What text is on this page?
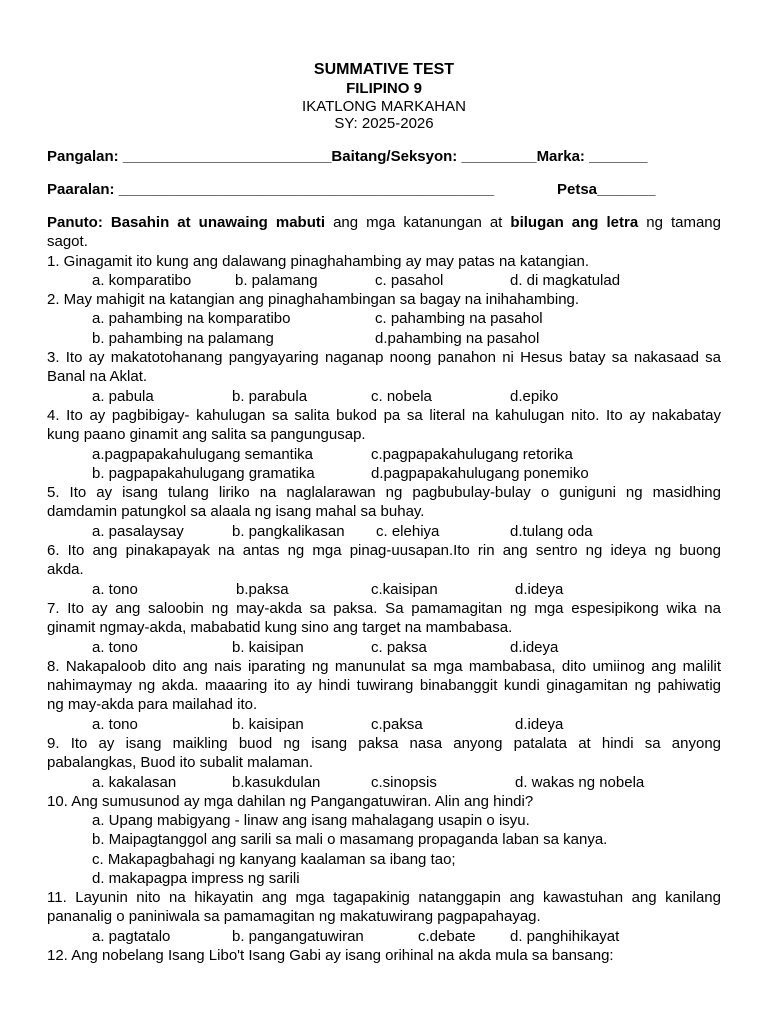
SUMMATIVE TEST
FILIPINO 9
IKATLONG MARKAHAN
SY: 2025-2026
Pangalan: _________________________Baitang/Seksyon: _________Marka: _______
Paaralan: _____________________________________________	Petsa_______
Panuto: Basahin at unawaing mabuti ang mga katanungan at bilugan ang letra ng tamang
sagot.
1. Ginagamit ito kung ang dalawang pinaghahambing ay may patas na katangian.
a. komparatibo	b. palamang	c. pasahol	d. di magkatulad
2. May mahigit na katangian ang pinaghahambingan sa bagay na inihahambing.
a. pahambing na komparatibo	c. pahambing na pasahol
b. pahambing na palamang	d.pahambing na pasahol
3. Ito ay makatotohanang pangyayaring naganap noong panahon ni Hesus batay sa nakasaad sa
Banal na Aklat.
a. pabula	b. parabula	c. nobela	d.epiko
4. Ito ay pagbibigay- kahulugan sa salita bukod pa sa literal na kahulugan nito. Ito ay nakabatay
kung paano ginamit ang salita sa pangungusap.
a.pagpapakahulugang semantika	c.pagpapakahulugang retorika
b. pagpapakahulugang gramatika	d.pagpapakahulugang ponemiko
5. Ito ay isang tulang liriko na naglalarawan ng pagbubulay-bulay o guniguni ng masidhing
damdamin patungkol sa alaala ng isang mahal sa buhay.
a. pasalaysay	b. pangkalikasan c. elehiya	d.tulang oda
6. Ito ang pinakapayak na antas ng mga pinag-uusapan.Ito rin ang sentro ng ideya ng buong
akda.
a. tono	b.paksa	c.kaisipan	d.ideya
7. Ito ay ang saloobin ng may-akda sa paksa. Sa pamamagitan ng mga espesipikong wika na
ginamit ngmay-akda, mababatid kung sino ang target na mambabasa.
a. tono	b. kaisipan	c. paksa	d.ideya
8. Nakapaloob dito ang nais iparating ng manunulat sa mga mambabasa, dito umiinog ang malilit
nahimaymay ng akda. maaaring ito ay hindi tuwirang binabanggit kundi ginagamitan ng pahiwatig
ng may-akda para mailahad ito.
a. tono	b. kaisipan	c.paksa	d.ideya
9. Ito ay isang maikling buod ng isang paksa nasa anyong patalata at hindi sa anyong
pabalangkas, Buod ito subalit malaman.
a. kakalasan	b.kasukdulan	c.sinopsis	d. wakas ng nobela
10. Ang sumusunod ay mga dahilan ng Pangangatuwiran. Alin ang hindi?
a. Upang mabigyang - linaw ang isang mahalagang usapin o isyu.
b. Maipagtanggol ang sarili sa mali o masamang propaganda laban sa kanya.
c. Makapagbahagi ng kanyang kaalaman sa ibang tao;
d. makapagpa impress ng sarili
11. Layunin nito na hikayatin ang mga tagapakinig natanggapin ang kawastuhan ang kanilang
pananalig o paniniwala sa pamamagitan ng makatuwirang pagpapahayag.
a. pagtatalo	b. pangangatuwiran	c.debate d. panghihikayat
12. Ang nobelang Isang Libo't Isang Gabi ay isang orihinal na akda mula sa bansang:
